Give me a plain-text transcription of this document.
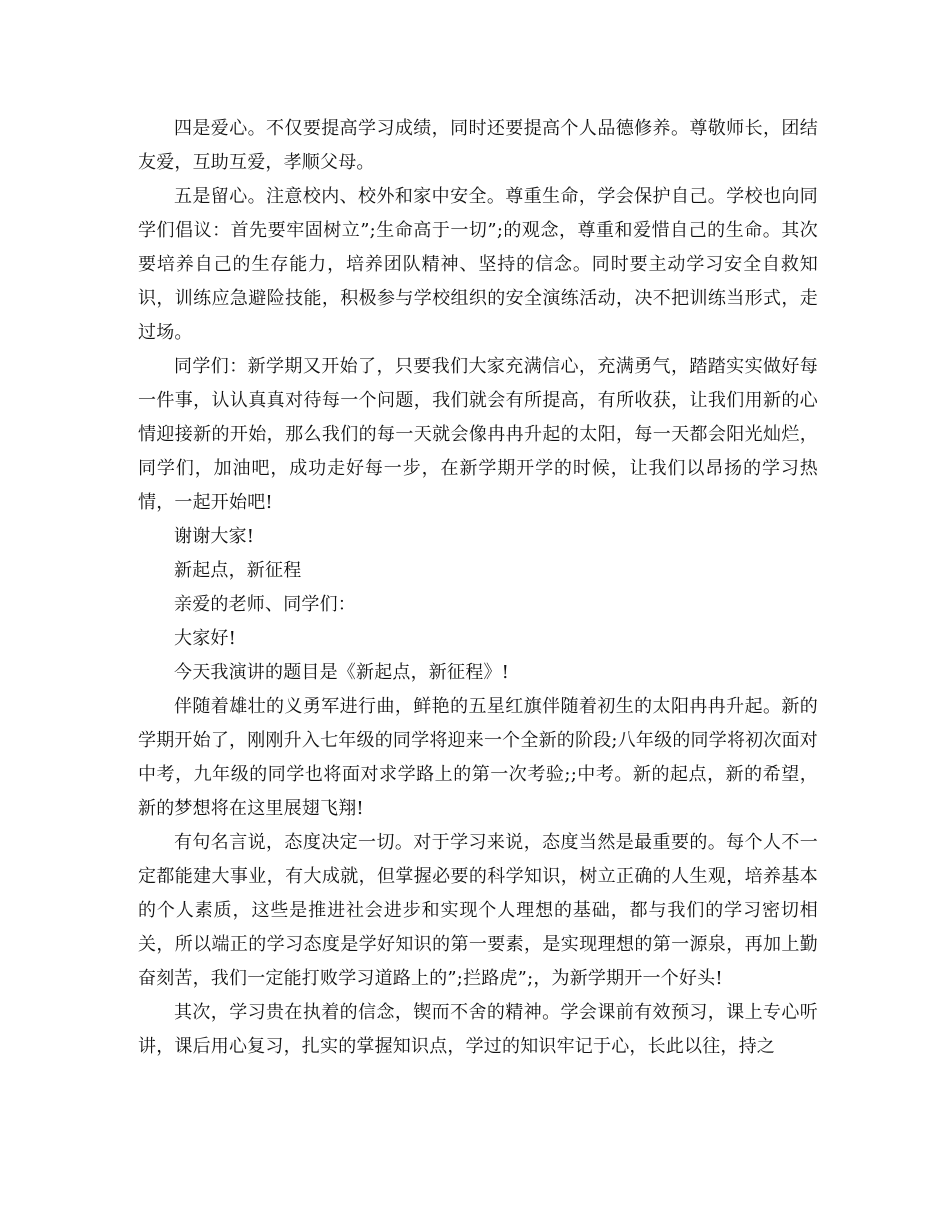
四是爱心。不仅要提高学习成绩，同时还要提高个人品德修养。尊敬师长，团结友爱，互助互爱，孝顺父母。

五是留心。注意校内、校外和家中安全。尊重生命，学会保护自己。学校也向同学们倡议：首先要牢固树立”;生命高于一切”;的观念，尊重和爱惜自己的生命。其次要培养自己的生存能力，培养团队精神、坚持的信念。同时要主动学习安全自救知识，训练应急避险技能，积极参与学校组织的安全演练活动，决不把训练当形式，走过场。

同学们：新学期又开始了，只要我们大家充满信心，充满勇气，踏踏实实做好每一件事，认认真真对待每一个问题，我们就会有所提高，有所收获，让我们用新的心情迎接新的开始，那么我们的每一天就会像冉冉升起的太阳，每一天都会阳光灿烂，同学们，加油吧，成功走好每一步，在新学期开学的时候，让我们以昂扬的学习热情，一起开始吧!

谢谢大家!

新起点，新征程

亲爱的老师、同学们：

大家好!

今天我演讲的题目是《新起点，新征程》!

伴随着雄壮的义勇军进行曲，鲜艳的五星红旗伴随着初生的太阳冉冉升起。新的学期开始了，刚刚升入七年级的同学将迎来一个全新的阶段;八年级的同学将初次面对中考，九年级的同学也将面对求学路上的第一次考验;;中考。新的起点，新的希望，新的梦想将在这里展翅飞翔!

有句名言说，态度决定一切。对于学习来说，态度当然是最重要的。每个人不一定都能建大事业，有大成就，但掌握必要的科学知识，树立正确的人生观，培养基本的个人素质，这些是推进社会进步和实现个人理想的基础，都与我们的学习密切相关，所以端正的学习态度是学好知识的第一要素，是实现理想的第一源泉，再加上勤奋刻苦，我们一定能打败学习道路上的”;拦路虎”;，为新学期开一个好头!

其次，学习贵在执着的信念，锲而不舍的精神。学会课前有效预习，课上专心听讲，课后用心复习，扎实的掌握知识点，学过的知识牢记于心，长此以往，持之
